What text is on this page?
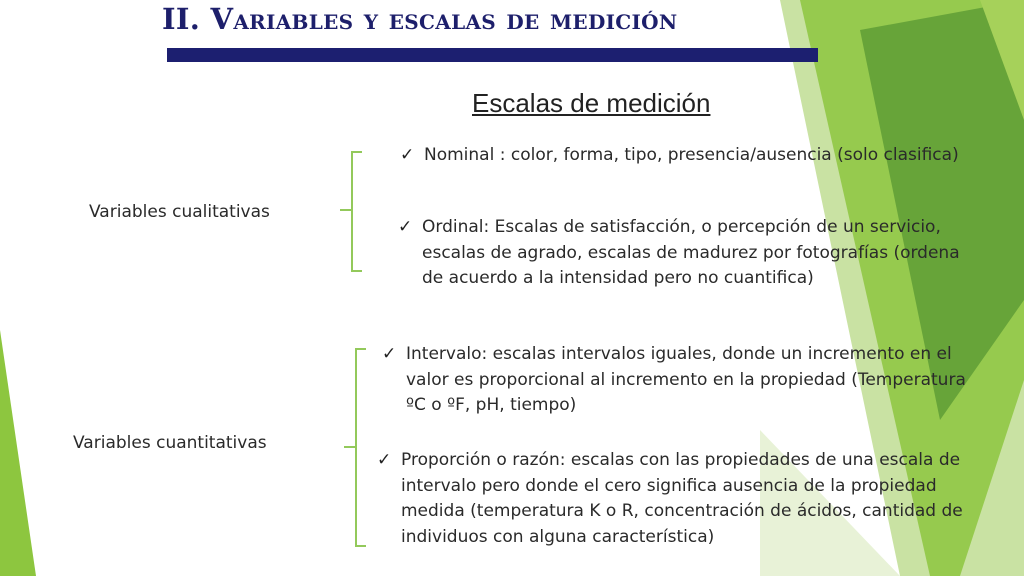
II. Variables y escalas de medición
Escalas de medición
Variables cualitativas
✓ Nominal : color, forma, tipo, presencia/ausencia (solo clasifica)
✓ Ordinal: Escalas de satisfacción, o percepción de un servicio, escalas de agrado, escalas de madurez por fotografías (ordena de acuerdo a la intensidad pero no cuantifica)
Variables cuantitativas
✓ Intervalo: escalas intervalos iguales, donde un incremento en el valor es proporcional al incremento en la propiedad (Temperatura ºC o ºF, pH, tiempo)
✓ Proporción o razón: escalas con las propiedades de una escala de intervalo pero donde el cero significa ausencia de la propiedad medida (temperatura K o R, concentración de ácidos, cantidad de individuos con alguna característica)
